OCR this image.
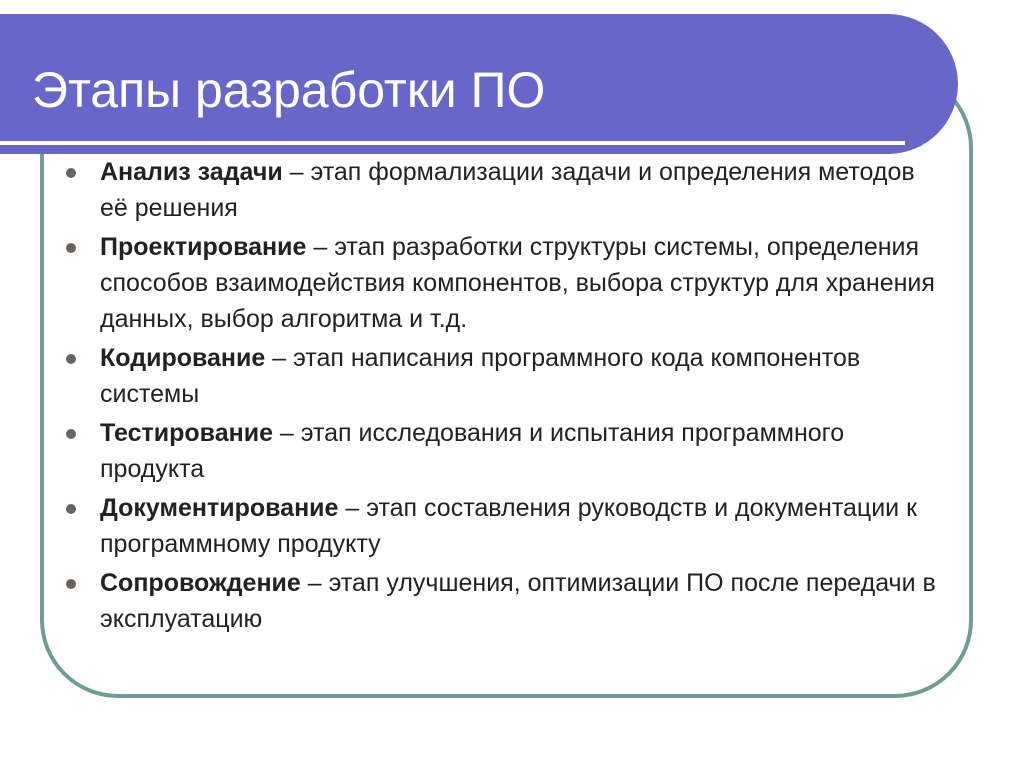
Этапы разработки ПО
Анализ задачи – этап формализации задачи и определения методов её решения
Проектирование – этап разработки структуры системы, определения способов взаимодействия компонентов, выбора структур для хранения данных, выбор алгоритма и т.д.
Кодирование – этап написания программного кода компонентов системы
Тестирование – этап исследования и испытания программного продукта
Документирование – этап составления руководств и документации к программному продукту
Сопровождение – этап улучшения, оптимизации ПО после передачи в эксплуатацию
